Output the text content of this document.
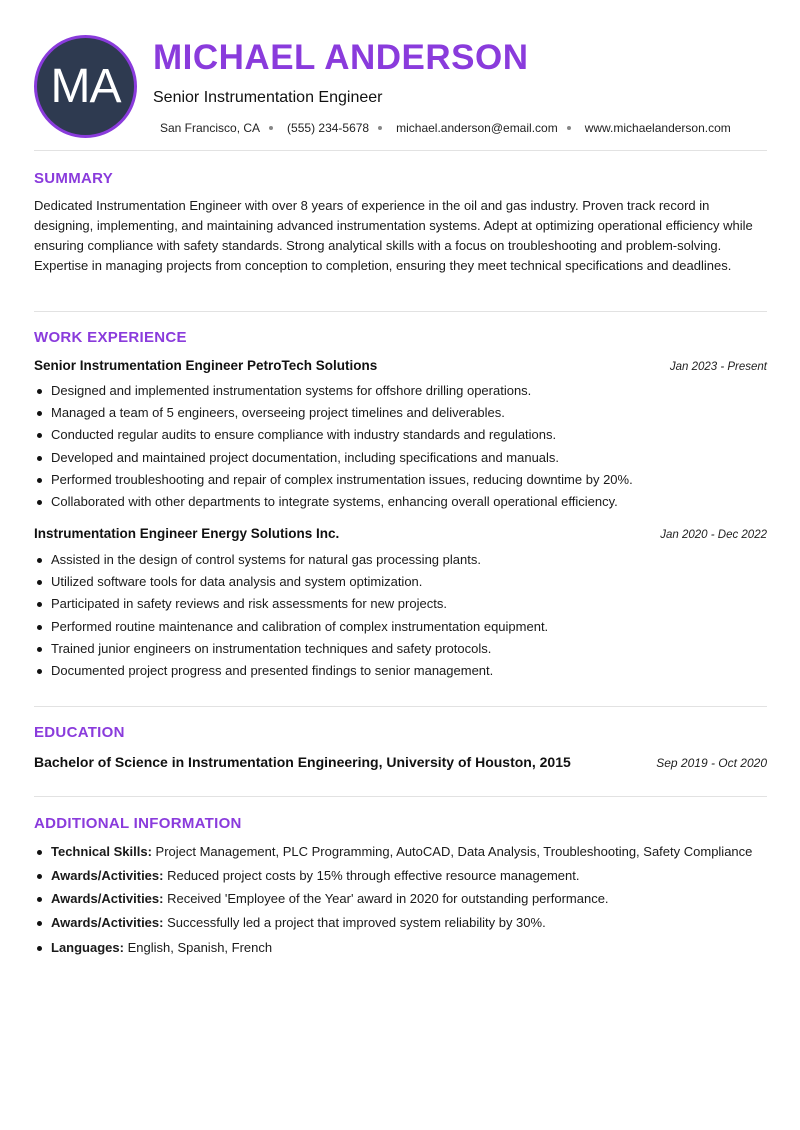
MA
MICHAEL ANDERSON
Senior Instrumentation Engineer
San Francisco, CA (555) 234-5678 michael.anderson@email.com www.michaelanderson.com
SUMMARY
Dedicated Instrumentation Engineer with over 8 years of experience in the oil and gas industry. Proven track record in designing, implementing, and maintaining advanced instrumentation systems. Adept at optimizing operational efficiency while ensuring compliance with safety standards. Strong analytical skills with a focus on troubleshooting and problem-solving. Expertise in managing projects from conception to completion, ensuring they meet technical specifications and deadlines.
WORK EXPERIENCE
Senior Instrumentation Engineer PetroTech Solutions	Jan 2023 - Present
Designed and implemented instrumentation systems for offshore drilling operations.
Managed a team of 5 engineers, overseeing project timelines and deliverables.
Conducted regular audits to ensure compliance with industry standards and regulations.
Developed and maintained project documentation, including specifications and manuals.
Performed troubleshooting and repair of complex instrumentation issues, reducing downtime by 20%.
Collaborated with other departments to integrate systems, enhancing overall operational efficiency.
Instrumentation Engineer Energy Solutions Inc.	Jan 2020 - Dec 2022
Assisted in the design of control systems for natural gas processing plants.
Utilized software tools for data analysis and system optimization.
Participated in safety reviews and risk assessments for new projects.
Performed routine maintenance and calibration of complex instrumentation equipment.
Trained junior engineers on instrumentation techniques and safety protocols.
Documented project progress and presented findings to senior management.
EDUCATION
Bachelor of Science in Instrumentation Engineering, University of Houston, 2015	Sep 2019 - Oct 2020
ADDITIONAL INFORMATION
Technical Skills: Project Management, PLC Programming, AutoCAD, Data Analysis, Troubleshooting, Safety Compliance
Awards/Activities: Reduced project costs by 15% through effective resource management.
Awards/Activities: Received 'Employee of the Year' award in 2020 for outstanding performance.
Awards/Activities: Successfully led a project that improved system reliability by 30%.
Languages: English, Spanish, French
